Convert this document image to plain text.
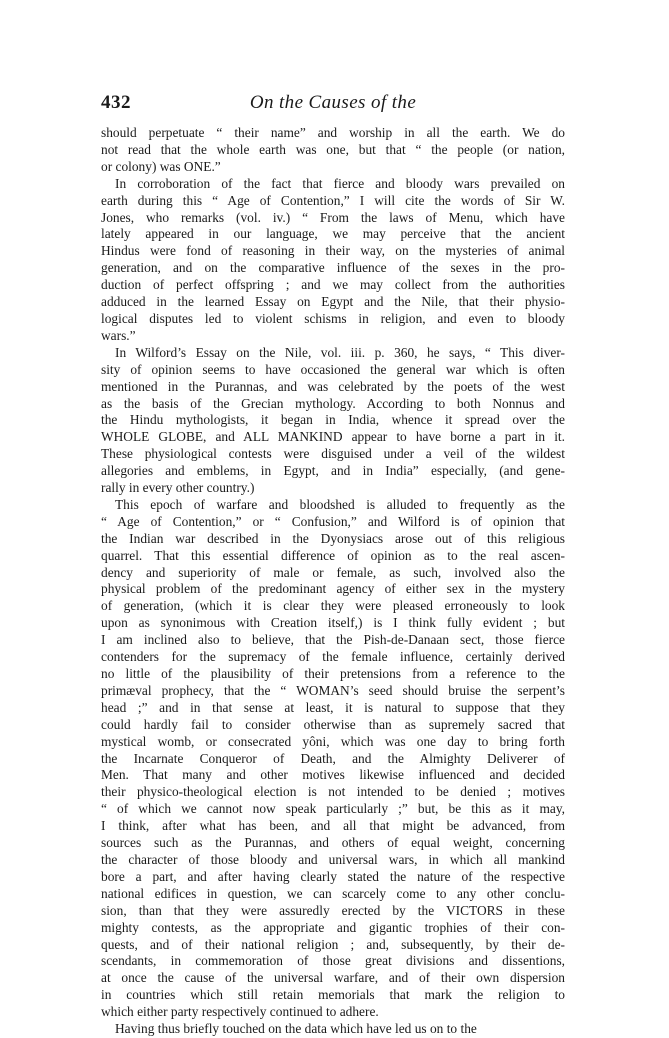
432	On the Causes of the
should perpetuate “ their name” and worship in all the earth. We do
not read that the whole earth was one, but that “ the people (or nation,
or colony) was ONE.”
In corroboration of the fact that fierce and bloody wars prevailed on
earth during this “ Age of Contention,” I will cite the words of Sir W.
Jones, who remarks (vol. iv.) “ From the laws of Menu, which have
lately appeared in our language, we may perceive that the ancient
Hindus were fond of reasoning in their way, on the mysteries of animal
generation, and on the comparative influence of the sexes in the pro-
duction of perfect offspring ; and we may collect from the authorities
adduced in the learned Essay on Egypt and the Nile, that their physio-
logical disputes led to violent schisms in religion, and even to bloody
wars.”
In Wilford’s Essay on the Nile, vol. iii. p. 360, he says, “ This diver-
sity of opinion seems to have occasioned the general war which is often
mentioned in the Purannas, and was celebrated by the poets of the west
as the basis of the Grecian mythology. According to both Nonnus and
the Hindu mythologists, it began in India, whence it spread over the
WHOLE GLOBE, and ALL MANKIND appear to have borne a part in it.
These physiological contests were disguised under a veil of the wildest
allegories and emblems, in Egypt, and in India” especially, (and gene-
rally in every other country.)
This epoch of warfare and bloodshed is alluded to frequently as the
“ Age of Contention,” or “ Confusion,” and Wilford is of opinion that
the Indian war described in the Dyonysiacs arose out of this religious
quarrel. That this essential difference of opinion as to the real ascen-
dency and superiority of male or female, as such, involved also the
physical problem of the predominant agency of either sex in the mystery
of generation, (which it is clear they were pleased erroneously to look
upon as synonimous with Creation itself,) is I think fully evident ; but
I am inclined also to believe, that the Pish-de-Danaan sect, those fierce
contenders for the supremacy of the female influence, certainly derived
no little of the plausibility of their pretensions from a reference to the
primæval prophecy, that the “ WOMAN’s seed should bruise the serpent’s
head ;” and in that sense at least, it is natural to suppose that they
could hardly fail to consider otherwise than as supremely sacred that
mystical womb, or consecrated yôni, which was one day to bring forth
the Incarnate Conqueror of Death, and the Almighty Deliverer of
Men. That many and other motives likewise influenced and decided
their physico-theological election is not intended to be denied ; motives
“ of which we cannot now speak particularly ;” but, be this as it may,
I think, after what has been, and all that might be advanced, from
sources such as the Purannas, and others of equal weight, concerning
the character of those bloody and universal wars, in which all mankind
bore a part, and after having clearly stated the nature of the respective
national edifices in question, we can scarcely come to any other conclu-
sion, than that they were assuredly erected by the VICTORS in these
mighty contests, as the appropriate and gigantic trophies of their con-
quests, and of their national religion ; and, subsequently, by their de-
scendants, in commemoration of those great divisions and dissentions,
at once the cause of the universal warfare, and of their own dispersion
in countries which still retain memorials that mark the religion to
which either party respectively continued to adhere.
Having thus briefly touched on the data which have led us on to the
